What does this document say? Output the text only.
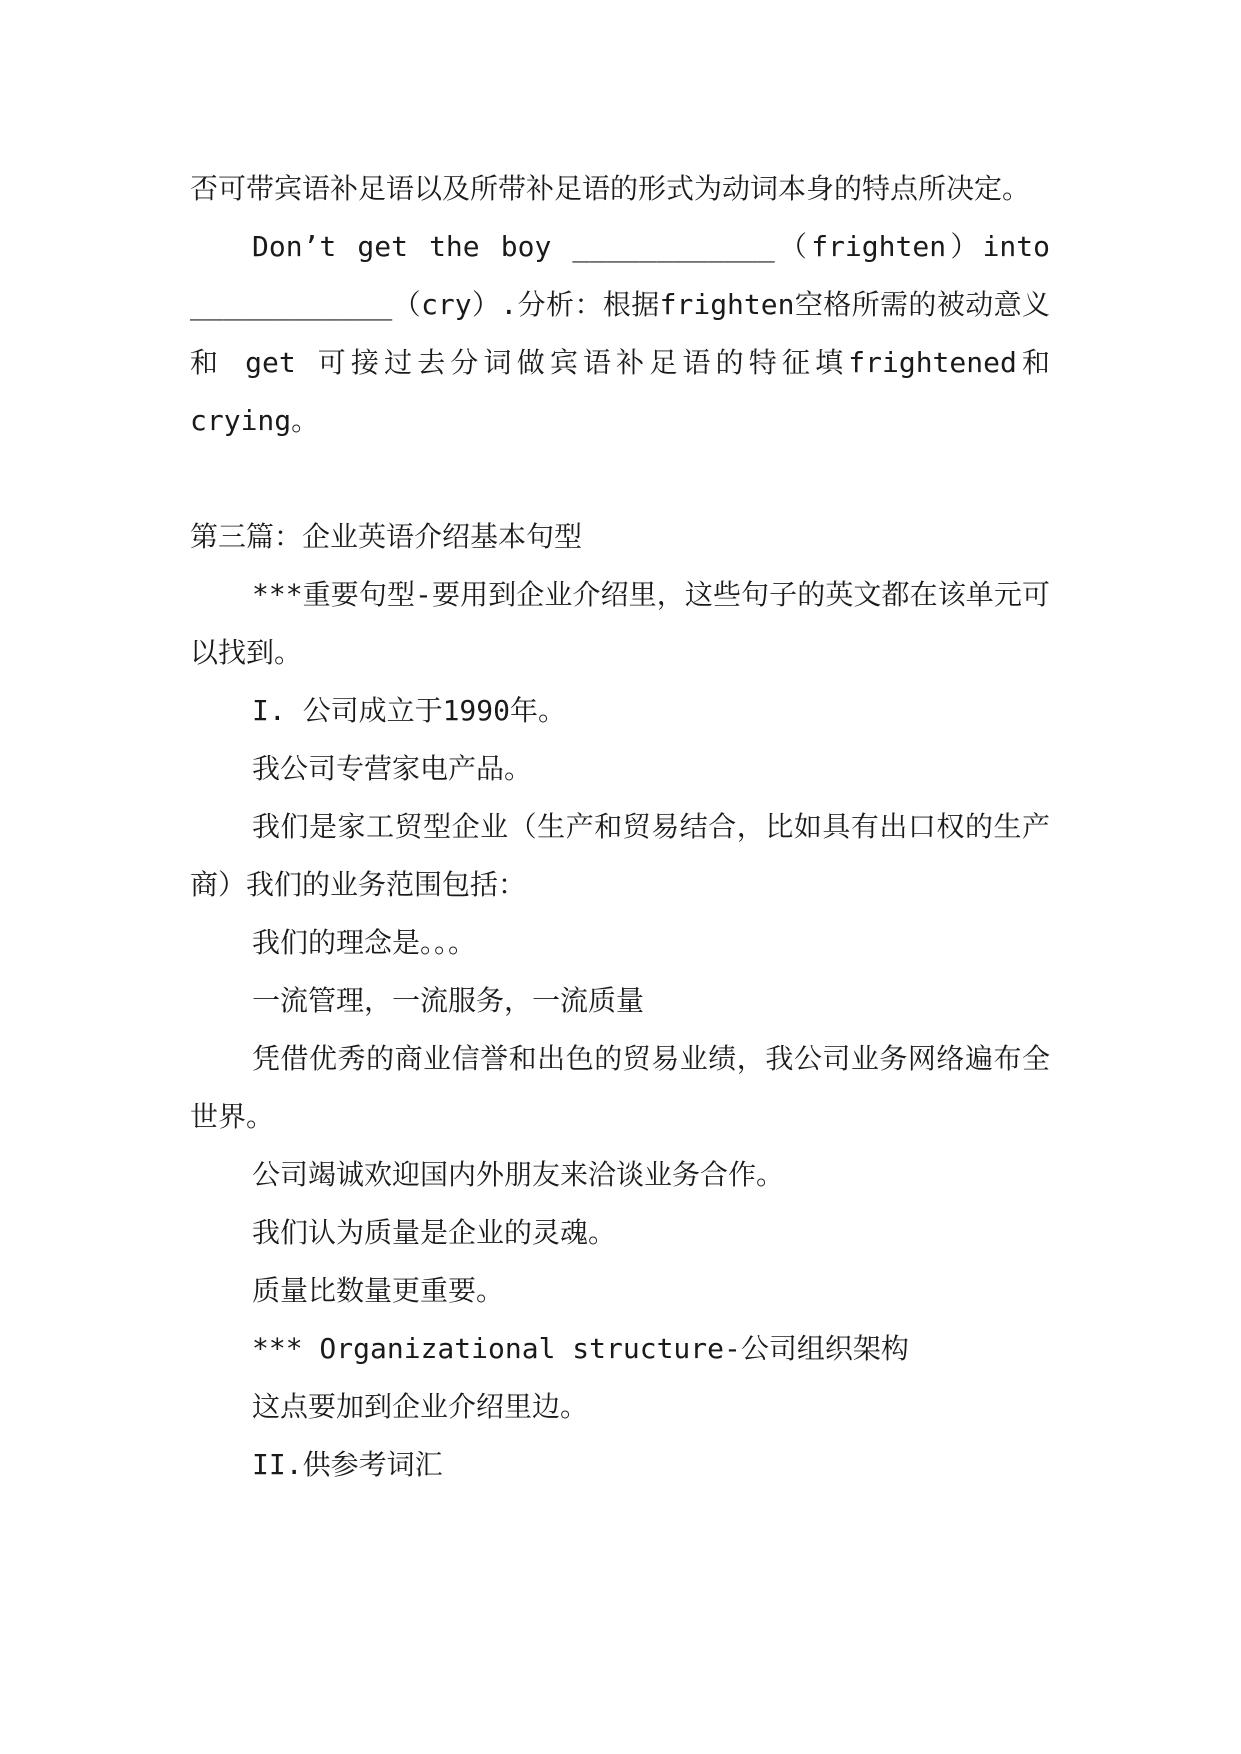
否可带宾语补足语以及所带补足语的形式为动词本身的特点所决定。

Don’t get the boy ____________（frighten）into ____________（cry）.分析：根据frighten空格所需的被动意义和 get 可接过去分词做宾语补足语的特征填frightened和crying。

第三篇：企业英语介绍基本句型

***重要句型-要用到企业介绍里，这些句子的英文都在该单元可以找到。

I. 公司成立于1990年。

我公司专营家电产品。

我们是家工贸型企业（生产和贸易结合，比如具有出口权的生产商）我们的业务范围包括：

我们的理念是。。。

一流管理，一流服务，一流质量

凭借优秀的商业信誉和出色的贸易业绩，我公司业务网络遍布全世界。

公司竭诚欢迎国内外朋友来洽谈业务合作。

我们认为质量是企业的灵魂。

质量比数量更重要。

*** Organizational structure-公司组织架构

这点要加到企业介绍里边。

II.供参考词汇
